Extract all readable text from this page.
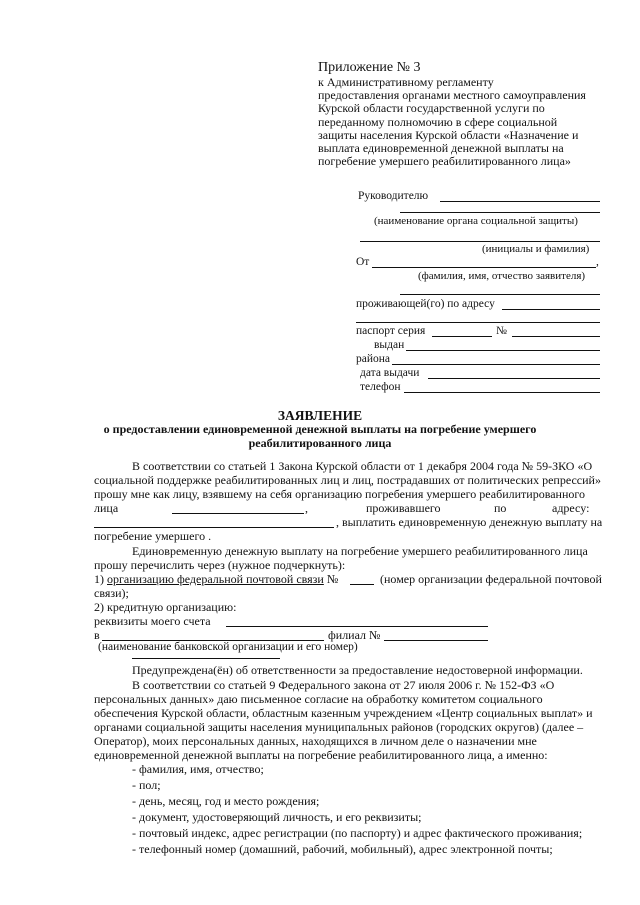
Приложение № 3
к Административному регламенту
предоставления органами местного самоуправления
Курской области государственной услуги по
переданному полномочию в сфере социальной
защиты населения Курской области «Назначение и
выплата единовременной денежной выплаты на
погребение умершего реабилитированного лица»
Руководителю
(наименование органа социальной защиты)
(инициалы и фамилия)
От	,
(фамилия, имя, отчество заявителя)
проживающей(го) по адресу
паспорт серия	№
выдан
района
дата выдачи
телефон
ЗАЯВЛЕНИЕ
о предоставлении единовременной денежной выплаты на погребение умершего
реабилитированного лица
В соответствии со статьей 1 Закона Курской области от 1 декабря 2004 года № 59-ЗКО «О
социальной поддержке реабилитированных лиц и лиц, пострадавших от политических репрессий»
прошу мне как лицу, взявшему на себя организацию погребения умершего реабилитированного
лица	,	проживавшего	по	адресу:
, выплатить единовременную денежную выплату на
погребение умершего .
Единовременную денежную выплату на погребение умершего реабилитированного лица
прошу перечислить через (нужное подчеркнуть):
1) организацию федеральной почтовой связи №	(номер организации федеральной почтовой
связи);
2) кредитную организацию:
реквизиты моего счета
в	филиал №
(наименование банковской организации и его номер)
Предупреждена(ён) об ответственности за предоставление недостоверной информации.
В соответствии со статьей 9 Федерального закона от 27 июля 2006 г. № 152-ФЗ «О
персональных данных» даю письменное согласие на обработку комитетом социального
обеспечения Курской области, областным казенным учреждением «Центр социальных выплат» и
органами социальной защиты населения муниципальных районов (городских округов) (далее –
Оператор), моих персональных данных, находящихся в личном деле о назначении мне
единовременной денежной выплаты на погребение реабилитированного лица, а именно:
- фамилия, имя, отчество;
- пол;
- день, месяц, год и место рождения;
- документ, удостоверяющий личность, и его реквизиты;
- почтовый индекс, адрес регистрации (по паспорту) и адрес фактического проживания;
- телефонный номер (домашний, рабочий, мобильный), адрес электронной почты;
